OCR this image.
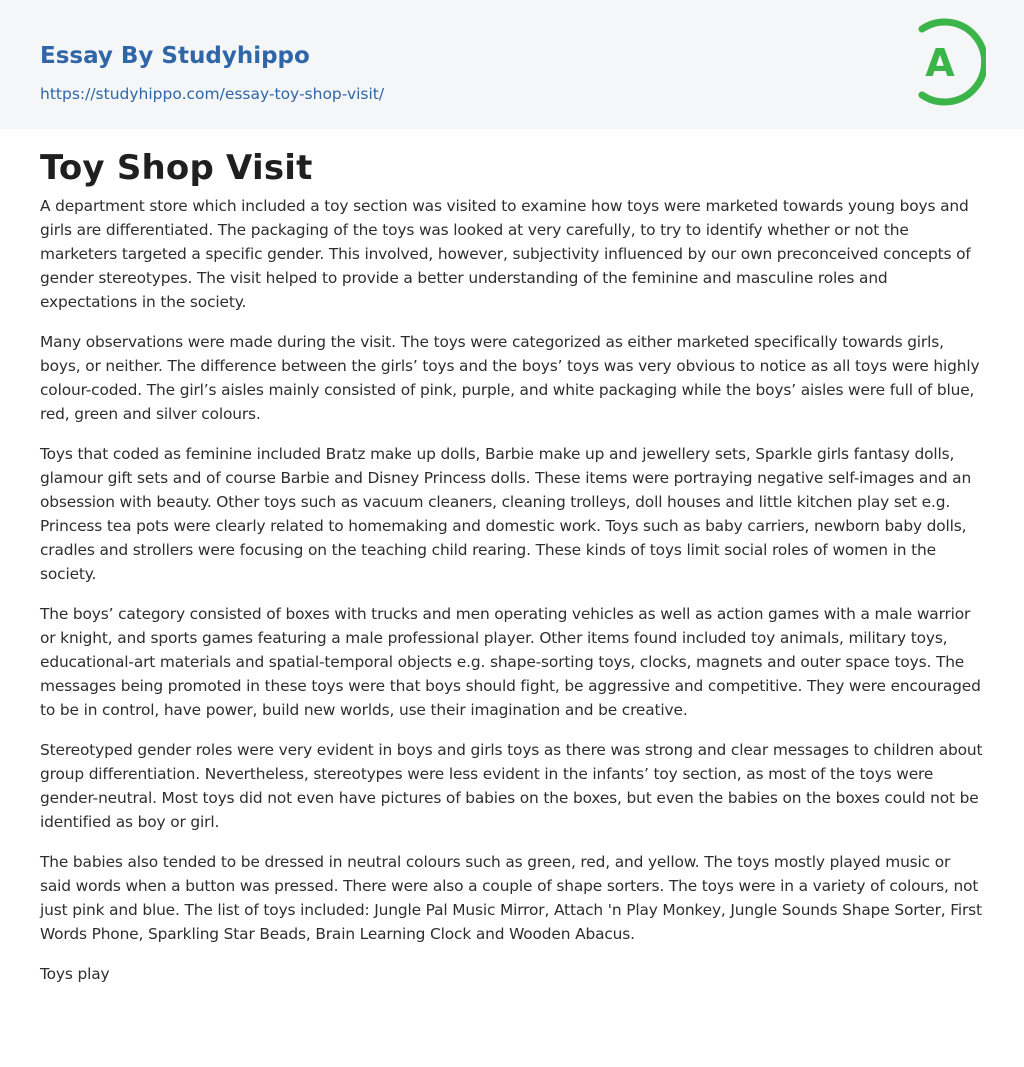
Essay By Studyhippo
https://studyhippo.com/essay-toy-shop-visit/
A
Toy Shop Visit

A department store which included a toy section was visited to examine how toys were marketed towards young boys and girls are differentiated. The packaging of the toys was looked at very carefully, to try to identify whether or not the marketers targeted a specific gender. This involved, however, subjectivity influenced by our own preconceived concepts of gender stereotypes. The visit helped to provide a better understanding of the feminine and masculine roles and expectations in the society.

Many observations were made during the visit. The toys were categorized as either marketed specifically towards girls, boys, or neither. The difference between the girls’ toys and the boys’ toys was very obvious to notice as all toys were highly colour-coded. The girl’s aisles mainly consisted of pink, purple, and white packaging while the boys’ aisles were full of blue, red, green and silver colours.

Toys that coded as feminine included Bratz make up dolls, Barbie make up and jewellery sets, Sparkle girls fantasy dolls, glamour gift sets and of course Barbie and Disney Princess dolls. These items were portraying negative self-images and an obsession with beauty. Other toys such as vacuum cleaners, cleaning trolleys, doll houses and little kitchen play set e.g. Princess tea pots were clearly related to homemaking and domestic work. Toys such as baby carriers, newborn baby dolls, cradles and strollers were focusing on the teaching child rearing. These kinds of toys limit social roles of women in the society.

The boys’ category consisted of boxes with trucks and men operating vehicles as well as action games with a male warrior or knight, and sports games featuring a male professional player. Other items found included toy animals, military toys, educational-art materials and spatial-temporal objects e.g. shape-sorting toys, clocks, magnets and outer space toys. The messages being promoted in these toys were that boys should fight, be aggressive and competitive. They were encouraged to be in control, have power, build new worlds, use their imagination and be creative.

Stereotyped gender roles were very evident in boys and girls toys as there was strong and clear messages to children about group differentiation. Nevertheless, stereotypes were less evident in the infants’ toy section, as most of the toys were gender-neutral. Most toys did not even have pictures of babies on the boxes, but even the babies on the boxes could not be identified as boy or girl.

The babies also tended to be dressed in neutral colours such as green, red, and yellow. The toys mostly played music or said words when a button was pressed. There were also a couple of shape sorters. The toys were in a variety of colours, not just pink and blue. The list of toys included: Jungle Pal Music Mirror, Attach 'n Play Monkey, Jungle Sounds Shape Sorter, First Words Phone, Sparkling Star Beads, Brain Learning Clock and Wooden Abacus.

Toys play
